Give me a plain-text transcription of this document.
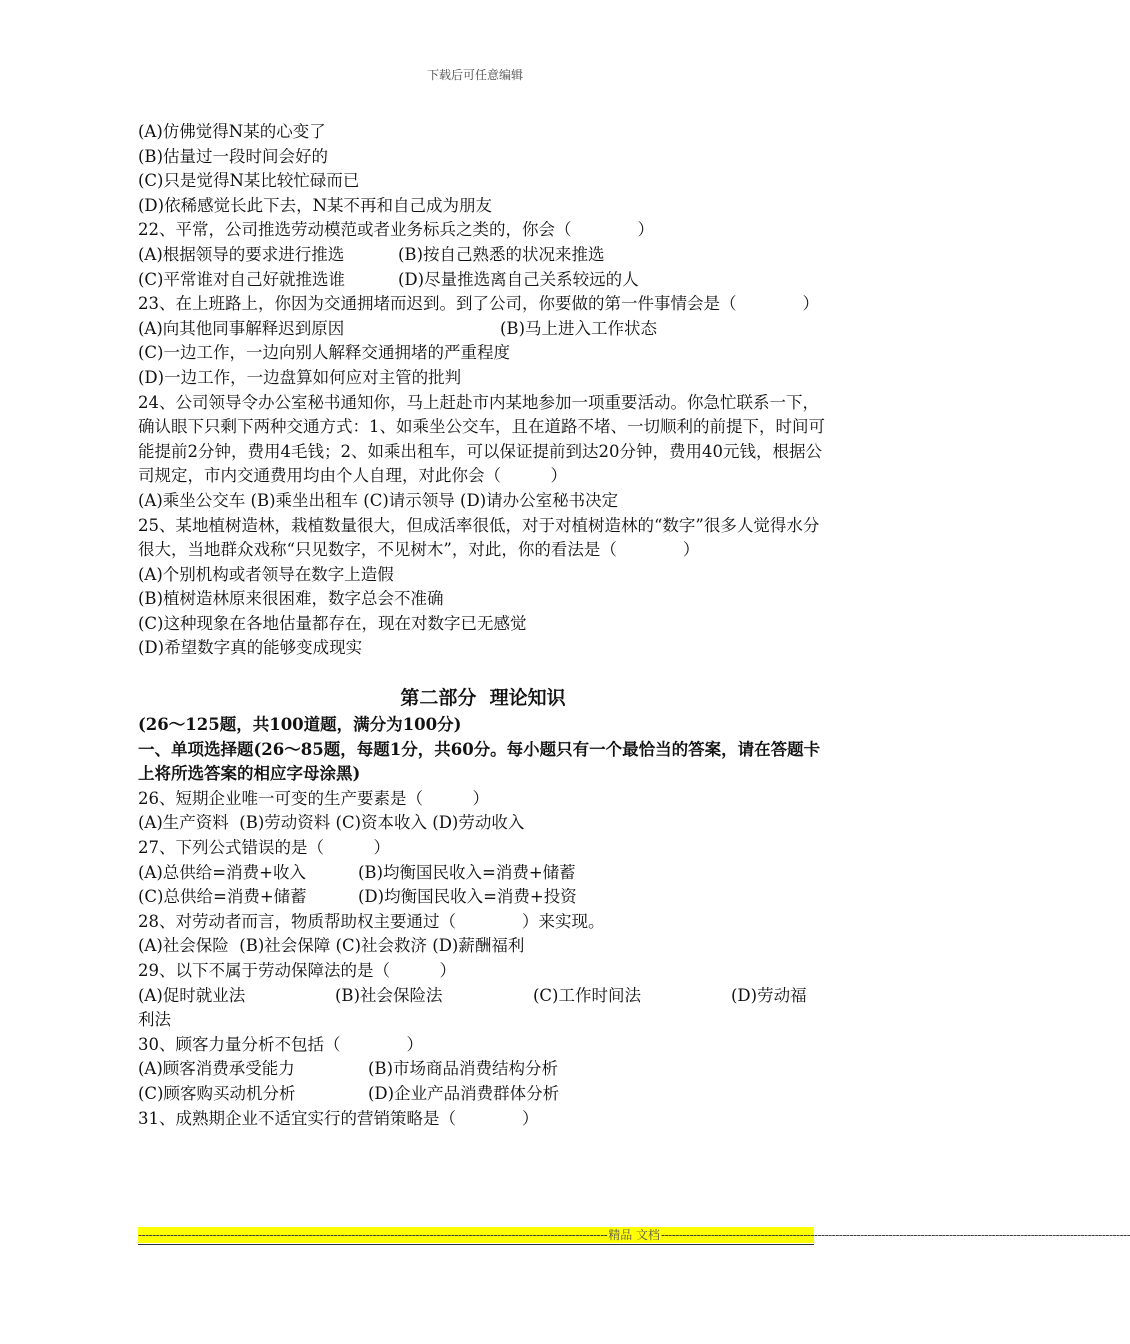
下载后可任意编辑
(A)仿佛觉得N某的心变了
(B)估量过一段时间会好的
(C)只是觉得N某比较忙碌而已
(D)依稀感觉长此下去，N某不再和自己成为朋友
22、平常，公司推选劳动模范或者业务标兵之类的，你会（　　　　）
(A)根据领导的要求进行推选	(B)按自己熟悉的状况来推选
(C)平常谁对自己好就推选谁	(D)尽量推选离自己关系较远的人
23、在上班路上，你因为交通拥堵而迟到。到了公司，你要做的第一件事情会是（　　　　）
(A)向其他同事解释迟到原因	(B)马上进入工作状态
(C)一边工作，一边向别人解释交通拥堵的严重程度
(D)一边工作，一边盘算如何应对主管的批判
24、公司领导令办公室秘书通知你，马上赶赴市内某地参加一项重要活动。你急忙联系一下，确认眼下只剩下两种交通方式：1、如乘坐公交车，且在道路不堵、一切顺利的前提下，时间可能提前2分钟，费用4毛钱；2、如乘出租车，可以保证提前到达20分钟，费用40元钱，根据公司规定，市内交通费用均由个人自理，对此你会（　　　）
(A)乘坐公交车 (B)乘坐出租车 (C)请示领导 (D)请办公室秘书决定
25、某地植树造林，栽植数量很大，但成活率很低，对于对植树造林的“数字”很多人觉得水分很大，当地群众戏称“只见数字，不见树木”，对此，你的看法是（　　　　）
(A)个别机构或者领导在数字上造假
(B)植树造林原来很困难，数字总会不准确
(C)这种现象在各地估量都存在，现在对数字已无感觉
(D)希望数字真的能够变成现实
第二部分  理论知识
(26～125题，共100道题，满分为100分)
一、单项选择题(26～85题，每题1分，共60分。每小题只有一个最恰当的答案，请在答题卡上将所选答案的相应字母涂黑)
26、短期企业唯一可变的生产要素是（　　　）
(A)生产资料  (B)劳动资料 (C)资本收入 (D)劳动收入
27、下列公式错误的是（　　　）
(A)总供给=消费+收入	(B)均衡国民收入=消费+储蓄
(C)总供给=消费+储蓄	(D)均衡国民收入=消费+投资
28、对劳动者而言，物质帮助权主要通过（　　　　）来实现。
(A)社会保险  (B)社会保障 (C)社会救济 (D)薪酬福利
29、以下不属于劳动保障法的是（　　　）
(A)促时就业法	(B)社会保险法	(C)工作时间法	(D)劳动福
利法
30、顾客力量分析不包括（　　　　）
(A)顾客消费承受能力	(B)市场商品消费结构分析
(C)顾客购买动机分析	(D)企业产品消费群体分析
31、成熟期企业不适宜实行的营销策略是（　　　　）
------------------------------------------------------------------------------------------------------------------------------------ 精品 文档 ------------------------------------------------------------------------------------------------------------------------------------
